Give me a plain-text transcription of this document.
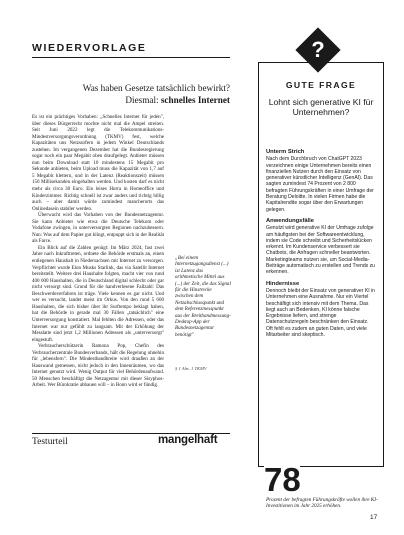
WIEDERVORLAGE
Was haben Gesetze tatsächlich bewirkt?
Diesmal: schnelles Internet

Es ist ein prächtiges Vorhaben: „Schnelles Internet für jeden", über dieses Bürgerrecht mochte nicht mal die Ampel streiten. Seit Juni 2022 legt die Telekommunikations-Mindestversorgungsverordnung (TKMV) fest, welche Kapazitäten uns Netzsurfern in jedem Winkel Deutschlands zustehen. Im vergangenen Dezember hat die Bundesregierung sogar noch ein paar Megabit oben draufgelegt. Anbieter müssen nun beim Download statt 10 mindestens 15 Megabit pro Sekunde anbieten, beim Upload muss die Kapazität von 1,7 auf 5 Megabit klettern, und in der Latenz (Reaktionszeit) müssen 150 Millisekunden eingehalten werden. Und kosten darf es nicht mehr als circa 30 Euro. Ein leises Hurra in Homeoffice und Kinderzimmer. Richtig schnell ist zwar anders und richtig billig auch – aber damit würde zumindest mancherorts das Onlinedasein stabiler werden.

Überwacht wird das Vorhaben von der Bundesnetzagentur. Sie kann Anbieter wie etwa die Deutsche Telekom oder Vodafone zwingen, in unterversorgten Regionen nachzubessern. Nun: Was auf dem Papier gut klingt, entpuppt sich in der Realität als Farce.

Ein Blick auf die Zahlen genügt: Im März 2024, fast zwei Jahre nach Inkrafttreten, ordnete die Behörde erstmals an, einen entlegenen Haushalt in Niedersachsen mit Internet zu versorgen. Verpflichtet wurde Elon Musks Starlink, das via Satellit Internet bereitstellt. Weitere drei Haushalte folgten, macht vier von rund 400 000 Haushalten, die in Deutschland digital schlecht oder gar nicht versorgt sind. Grund für die handverlesene Fallzahl: Das Beschwerdeverfahren ist träge. Viele kennen es gar nicht. Und wer es versucht, landet meist im Orkus. Von den rund 5 600 Haushalten, die sich bisher über ihr Surftempo beklagt haben, hat die Behörde in gerade mal 30 Fällen „tatsächlich" eine Unterversorgung konstatiert. Mal fehlten die Adressen, oder das Internet war nur gefühlt zu langsam. Mit der Erhöhung der Messlatte sind jetzt 1,2 Millionen Adressen als „unterversorgt" eingestuft.

Verbraucherschützerin Ramona Pop, Chefin des Verbraucherzentrale Bundesverbands, hält die Regelung ohnehin für „lebensfern". Die Mindestbandbreite wird draußen an der Hauswand gemessen, nicht jedoch in den Innenräumen, wo das Internet genutzt wird. Wenig Output für viel Behördenaufwand. 50 Menschen beschäftigt die Netzagentur mit dieser Sisyphos-Arbeit. Wer Bürokratie abbauen will – in Bonn wird er fündig.

„Bei einem Internetzugangsdienst (...) ist Latenz das arithmetische Mittel aus (...) der Zeit, die das Signal für die Hinstrecke zwischen dem Netzabschlusspunkt und dem Referenzmesspunkt aus der Breitbandmessung-Desktop-App der Bundesnetzagentur benötigt"
§ 1 Abs. 1 TKMV
Testurteil	mangelhaft
?
GUTE FRAGE
Lohnt sich generative KI für Unternehmen?
Unterm Strich

Nach dem Durchbruch von ChatGPT 2023 verzeichnen einige Unternehmen bereits einen finanziellen Nutzen durch den Einsatz von generativer künstlicher Intelligenz (GenAI). Das sagten zumindest 74 Prozent von 2 800 befragten Führungskräften in einer Umfrage der Beratung Deloitte. In vielen Firmen habe die Kapitalrendite sogar über den Erwartungen gelegen.

Anwendungsfälle

Genutzt wird generative KI der Umfrage zufolge am häufigsten bei der Softwareentwicklung, indem sie Code schreibt und Sicherheitslücken erkennt. Im Kundenservice verbessert sie Chatbots, die Anfragen schneller beantworten. Marketingteams nutzen sie, um Social-Media-Beiträge automatisch zu erstellen und Trends zu erkennen.

Hindernisse

Dennoch bleibt der Einsatz von generativer KI in Unternehmen eine Ausnahme. Nur ein Viertel beschäftigt sich intensiv mit dem Thema. Das liegt auch an Bedenken, KI könne falsche Ergebnisse liefern, und strenge Datenschutzregeln beschränken den Einsatz. Oft fehlt es zudem an guten Daten, und viele Mitarbeiter sind skeptisch.

78
Prozent der befragten Führungskräfte wollen ihre KI-Investitionen im Jahr 2025 erhöhen.
17
